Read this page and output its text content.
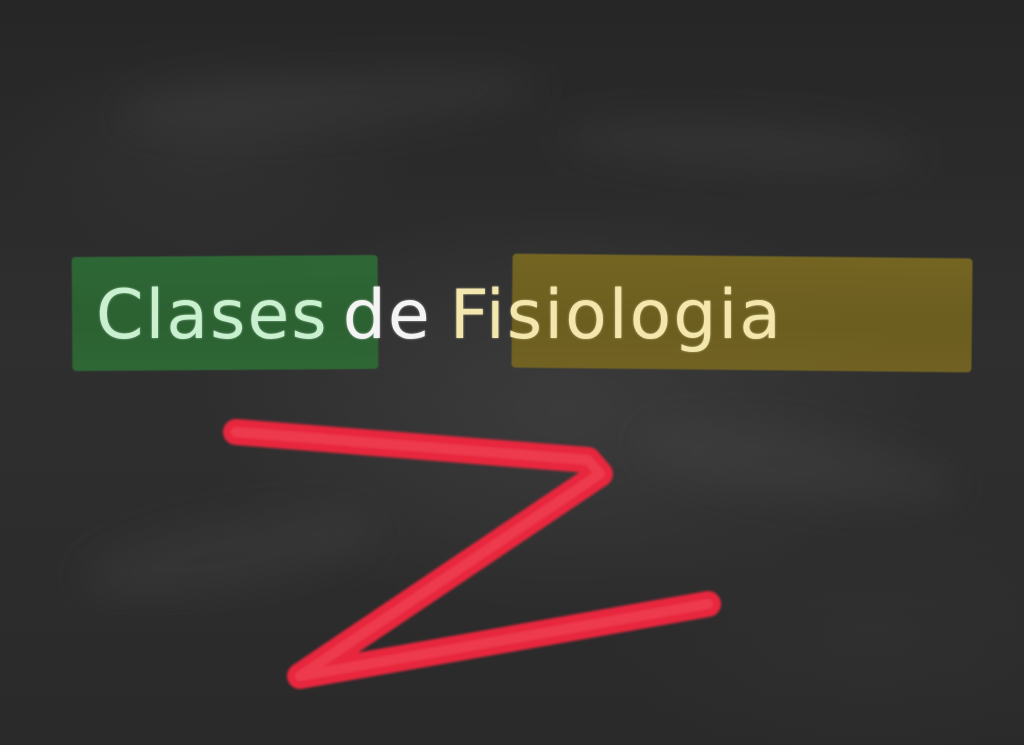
Clases de Fisiologia
